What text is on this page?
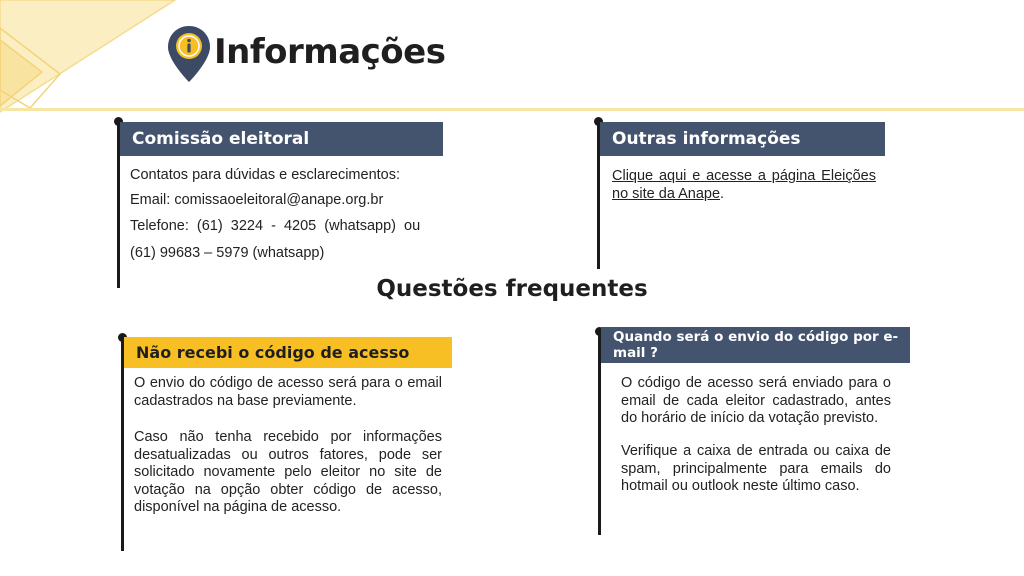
Informações
Comissão eleitoral
Contatos para dúvidas e esclarecimentos:
Email: comissaoeleitoral@anape.org.br
Telefone:  (61)  3224  -  4205  (whatsapp)  ou
(61) 99683 – 5979 (whatsapp)
Outras informações
Clique aqui e acesse a página Eleições no site da Anape.
Questões frequentes
Não recebi o código de acesso
O envio do código de acesso será para o email cadastrados na base previamente.
Caso não tenha recebido por informações desatualizadas ou outros fatores, pode ser solicitado novamente pelo eleitor no site de votação na opção obter código de acesso, disponível na página de acesso.
Quando será o envio do código por e-mail ?
O código de acesso será enviado para o email de cada eleitor cadastrado, antes do horário de início da votação previsto.
Verifique a caixa de entrada ou caixa de spam, principalmente para emails do hotmail ou outlook neste último caso.
